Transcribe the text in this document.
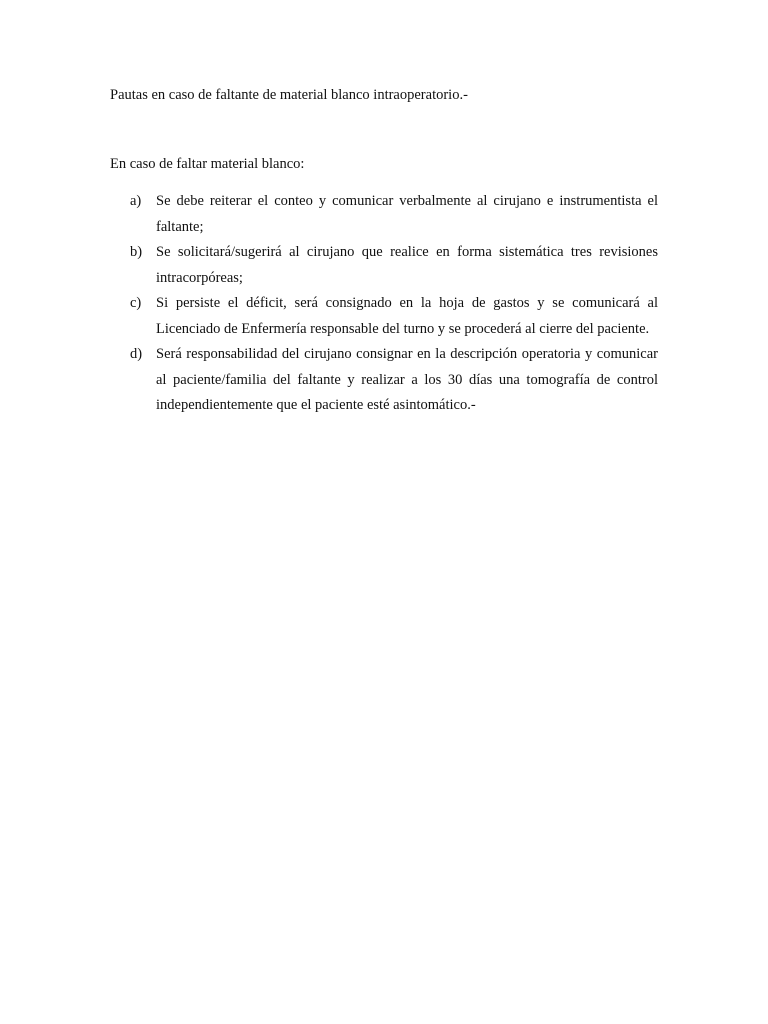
Pautas en caso de faltante de material blanco intraoperatorio.-
En caso de faltar material blanco:
a)	Se debe reiterar el conteo y comunicar verbalmente al cirujano e instrumentista el faltante;
b) Se solicitará/sugerirá al cirujano que realice en forma sistemática tres revisiones intracorpóreas;
c)	Si persiste el déficit, será consignado en la hoja de gastos y se comunicará al Licenciado de Enfermería responsable del turno y se procederá al cierre del paciente.
d) Será responsabilidad del cirujano consignar en la descripción operatoria y comunicar al paciente/familia del faltante y realizar a los 30 días una tomografía de control independientemente que el paciente esté asintomático.-
